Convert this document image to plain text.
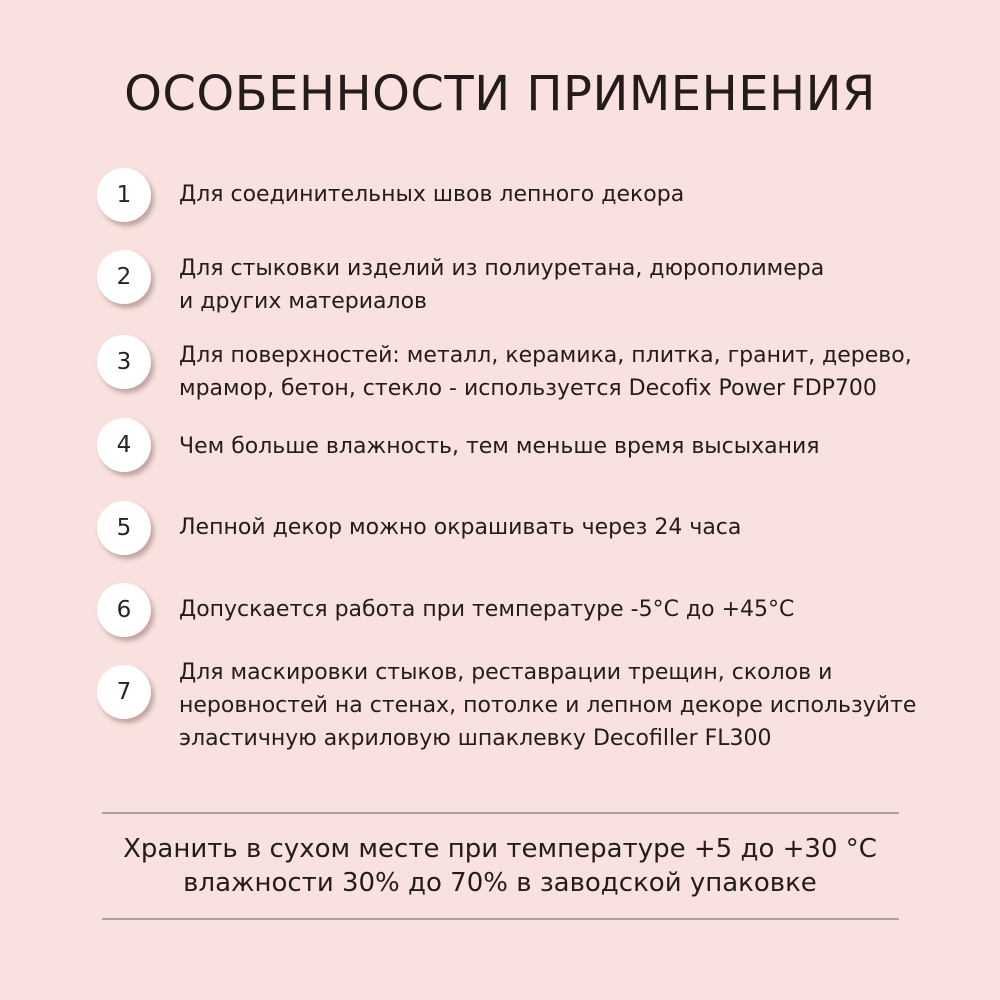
ОСОБЕННОСТИ ПРИМЕНЕНИЯ
1	Для соединительных швов лепного декора
2	Для стыковки изделий из полиуретана, дюрополимера
и других материалов
3	Для поверхностей: металл, керамика, плитка, гранит, дерево,
мрамор, бетон, стекло - используется Decofix Power FDP700
4	Чем больше влажность, тем меньше время высыхания
5	Лепной декор можно окрашивать через 24 часа
6	Допускается работа при температуре -5°С до +45°С
7
Для маскировки стыков, реставрации трещин, сколов и
неровностей на стенах, потолке и лепном декоре используйте
эластичную акриловую шпаклевку Decofiller FL300
Хранить в сухом месте при температуре +5 до +30 °С
влажности 30% до 70% в заводской упаковке
